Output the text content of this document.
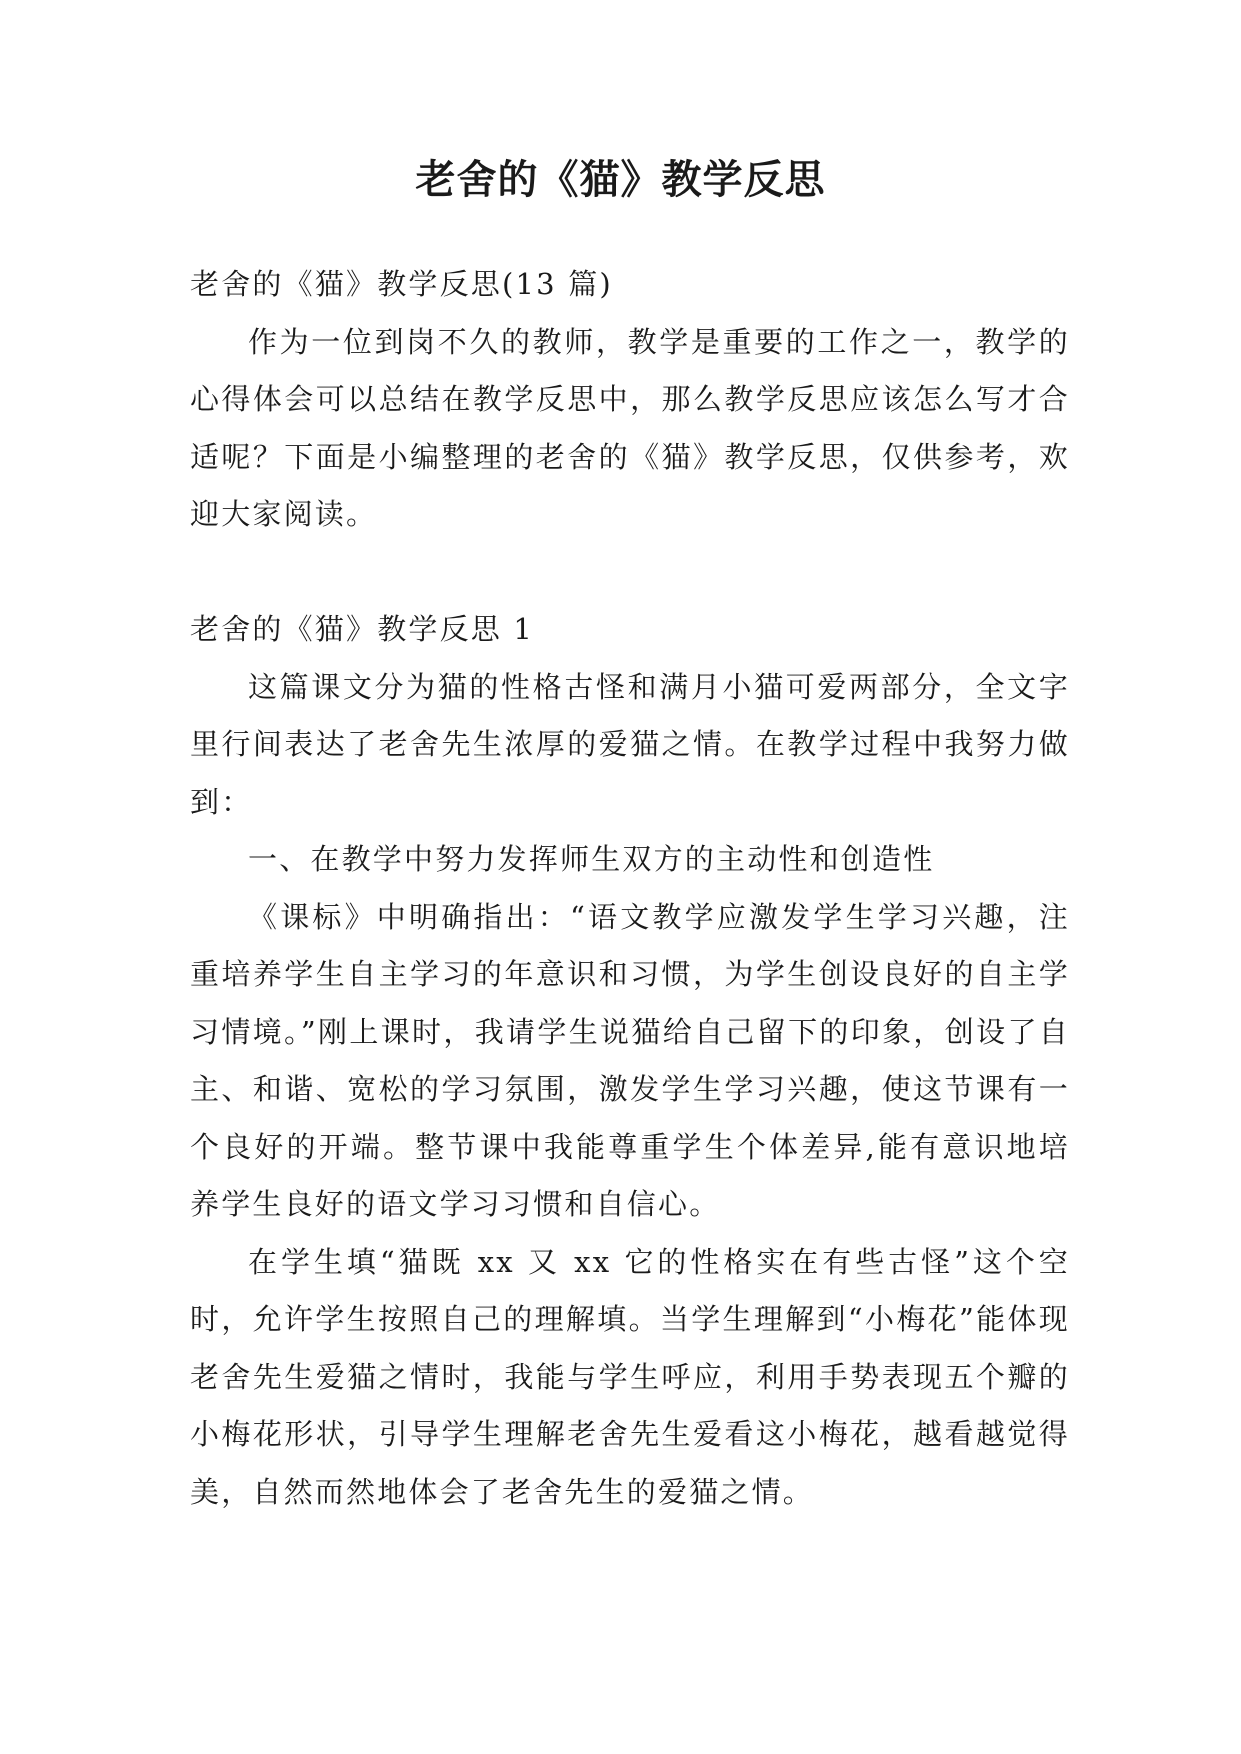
老舍的《猫》教学反思

老舍的《猫》教学反思(13 篇)

作为一位到岗不久的教师，教学是重要的工作之一，教学的心得体会可以总结在教学反思中，那么教学反思应该怎么写才合适呢？下面是小编整理的老舍的《猫》教学反思，仅供参考，欢迎大家阅读。

老舍的《猫》教学反思 1

这篇课文分为猫的性格古怪和满月小猫可爱两部分，全文字里行间表达了老舍先生浓厚的爱猫之情。在教学过程中我努力做到：

一、在教学中努力发挥师生双方的主动性和创造性

《课标》中明确指出：“语文教学应激发学生学习兴趣，注重培养学生自主学习的年意识和习惯，为学生创设良好的自主学习情境。”刚上课时，我请学生说猫给自己留下的印象，创设了自主、和谐、宽松的学习氛围，激发学生学习兴趣，使这节课有一个良好的开端。整节课中我能尊重学生个体差异,能有意识地培养学生良好的语文学习习惯和自信心。

在学生填“猫既 xx 又 xx 它的性格实在有些古怪”这个空时，允许学生按照自己的理解填。当学生理解到“小梅花”能体现老舍先生爱猫之情时，我能与学生呼应，利用手势表现五个瓣的小梅花形状，引导学生理解老舍先生爱看这小梅花，越看越觉得美，自然而然地体会了老舍先生的爱猫之情。
